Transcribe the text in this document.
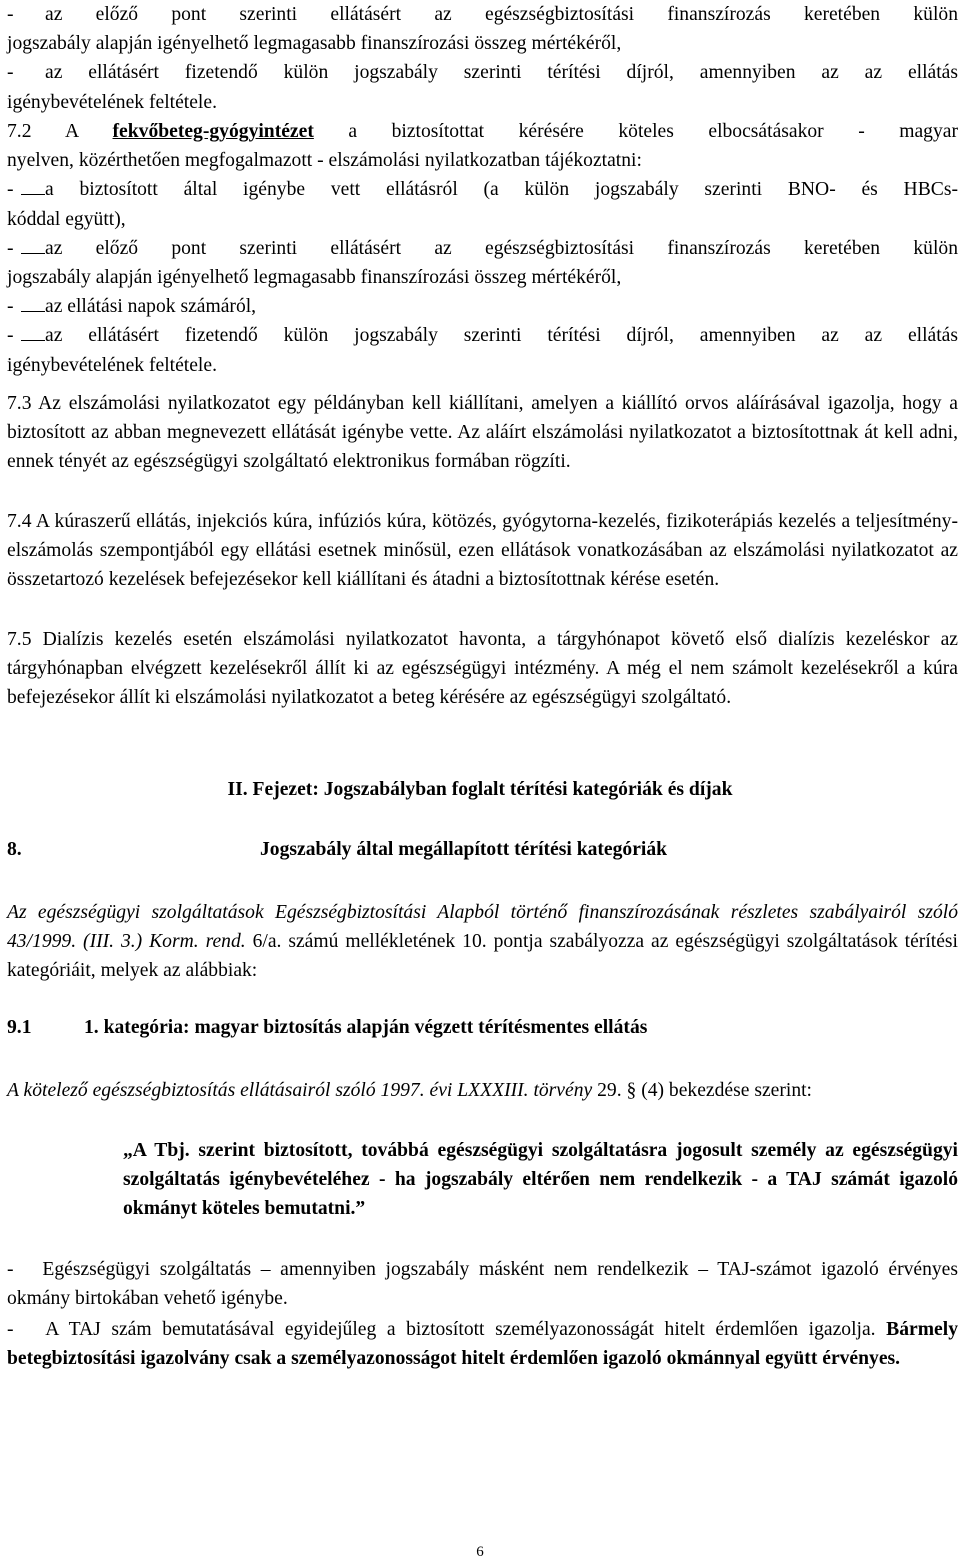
- az előző pont szerinti ellátásért az egészségbiztosítási finanszírozás keretében külön

jogszabály alapján igényelhető legmagasabb finanszírozási összeg mértékéről,

- az ellátásért fizetendő külön jogszabály szerinti térítési díjról, amennyiben az az ellátás

igénybevételének feltétele.

7.2 A fekvőbeteg-gyógyintézet a biztosítottat kérésére köteles elbocsátásakor - magyar

nyelven, közérthetően megfogalmazott - elszámolási nyilatkozatban tájékoztatni:

- a biztosított által igénybe vett ellátásról (a külön jogszabály szerinti BNO- és HBCs-

kóddal együtt),

- az előző pont szerinti ellátásért az egészségbiztosítási finanszírozás keretében külön

jogszabály alapján igényelhető legmagasabb finanszírozási összeg mértékéről,

- az ellátási napok számáról,

- az ellátásért fizetendő külön jogszabály szerinti térítési díjról, amennyiben az az ellátás

igénybevételének feltétele.

7.3 Az elszámolási nyilatkozatot egy példányban kell kiállítani, amelyen a kiállító orvos aláírásával igazolja, hogy a biztosított az abban megnevezett ellátását igénybe vette. Az aláírt elszámolási nyilatkozatot a biztosítottnak át kell adni, ennek tényét az egészségügyi szolgáltató elektronikus formában rögzíti.

7.4 A kúraszerű ellátás, injekciós kúra, infúziós kúra, kötözés, gyógytorna-kezelés, fizikoterápiás kezelés a teljesítmény-elszámolás szempontjából egy ellátási esetnek minősül, ezen ellátások vonatkozásában az elszámolási nyilatkozatot az összetartozó kezelések befejezésekor kell kiállítani és átadni a biztosítottnak kérése esetén.

7.5 Dialízis kezelés esetén elszámolási nyilatkozatot havonta, a tárgyhónapot követő első dialízis kezeléskor az tárgyhónapban elvégzett kezelésekről állít ki az egészségügyi intézmény. A még el nem számolt kezelésekről a kúra befejezésekor állít ki elszámolási nyilatkozatot a beteg kérésére az egészségügyi szolgáltató.

II. Fejezet: Jogszabályban foglalt térítési kategóriák és díjak
8.	Jogszabály által megállapított térítési kategóriák

Az egészségügyi szolgáltatások Egészségbiztosítási Alapból történő finanszírozásának részletes szabályairól szóló 43/1999. (III. 3.) Korm. rend. 6/a. számú mellékletének 10. pontja szabályozza az egészségügyi szolgáltatások térítési kategóriáit, melyek az alábbiak:

9.1	1. kategória: magyar biztosítás alapján végzett térítésmentes ellátás

A kötelező egészségbiztosítás ellátásairól szóló 1997. évi LXXXIII. törvény 29. § (4) bekezdése szerint:

„A Tbj. szerint biztosított, továbbá egészségügyi szolgáltatásra jogosult személy az egészségügyi szolgáltatás igénybevételéhez - ha jogszabály eltérően nem rendelkezik - a TAJ számát igazoló okmányt köteles bemutatni.”

- Egészségügyi szolgáltatás – amennyiben jogszabály másként nem rendelkezik – TAJ-számot igazoló érvényes okmány birtokában vehető igénybe.

- A TAJ szám bemutatásával egyidejűleg a biztosított személyazonosságát hitelt érdemlően igazolja. Bármely betegbiztosítási igazolvány csak a személyazonosságot hitelt érdemlően igazoló okmánnyal együtt érvényes.

6
